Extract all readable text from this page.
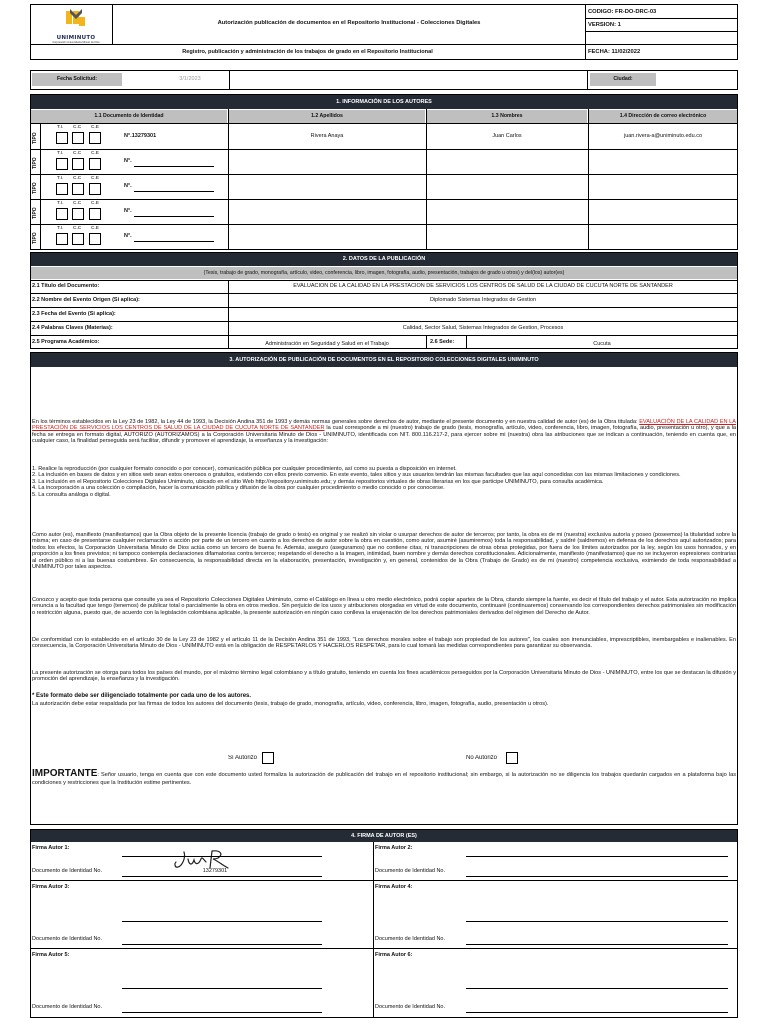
UNIMINUTO
Corporación Universitaria Minuto de Dios
Autorización publicación de documentos en el Repositorio Institucional - Colecciones Digitales
Registro, publicación y administración de los trabajos de grado en el Repositorio Institucional
CÓDIGO: FR-DO-DRC-03
VERSIÓN: 1
FECHA: 11/02/2022
Fecha Solicitud:	3/1/2023	Ciudad:
1. INFORMACIÓN DE LOS AUTORES
1.1 Documento de Identidad	1.2 Apellidos	1.3 Nombres	1.4 Dirección de correo electrónico
TIPO
T.I. C.C C.E
N°.13279301	Rivera Anaya	Juan Carlos	juan.rivera-a@uniminuto.edu.co
TIPO
T.I. C.C C.E
N°.
TIPO
T.I. C.C C.E
N°.
TIPO
T.I. C.C C.E
N°.
TIPO
T.I. C.C C.E
N°.
2. DATOS DE LA PUBLICACIÓN
(Tesis, trabajo de grado, monografía, artículo, video, conferencia, libro, imagen, fotografía, audio, presentación, trabajos de grado u otros) y del(los) autor(es)
2.1 Título del Documento:	EVALUACIÓN DE LA CALIDAD EN LA PRESTACIÓN DE SERVICIOS LOS CENTROS DE SALUD DE LA CIUDAD DE CUCUTA NORTE DE SANTANDER
2.2 Nombre del Evento Origen (Si aplica):	Diplomado Sistemas Integrados de Gestion
2.3 Fecha del Evento (Si aplica):
2.4 Palabras Claves (Materias):	Calidad, Sector Salud, Sistemas Integrados de Gestion, Procesos
2.5 Programa Académico:	Administración en Seguridad y Salud en el Trabajo	2.6 Sede:	Cucuta
3. AUTORIZACIÓN DE PUBLICACIÓN DE DOCUMENTOS EN EL REPOSITORIO COLECCIONES DIGITALES UNIMINUTO
En los términos establecidos en la Ley 23 de 1982, la Ley 44 de 1993, la Decisión Andina 351 de 1993 y demás normas generales sobre derechos de autor, mediante el presente documento y en nuestra calidad de autor (es) de la Obra titulada: EVALUACIÓN DE LA CALIDAD EN LA PRESTACIÓN DE SERVICIOS LOS CENTROS DE SALUD DE LA CIUDAD DE CUCUTA NORTE DE SANTANDER la cual corresponde a mi (nuestro) trabajo de grado (tesis, monografía, artículo, video, conferencia, libro, imagen, fotografía, audio, presentación u otro), y que a la fecha se entrega en formato digital, AUTORIZO (AUTORIZAMOS) a la Corporación Universitaria Minuto de Dios - UNIMINUTO, identificada con NIT. 800.116.217-2, para ejercer sobre mi (nuestra) obra las atribuciones que se indican a continuación, teniendo en cuenta que, en cualquier caso, la finalidad perseguida será facilitar, difundir y promover el aprendizaje, la enseñanza y la investigación:
1. Realice la reproducción (por cualquier formato conocido o por conocer), comunicación pública por cualquier procedimiento, así como su puesta a disposición en internet.
2. La inclusión en bases de datos y en sitios web sean estos onerosos o gratuitos, existiendo con ellos previo convenio. En este evento, tales sitios y sus usuarios tendrán las mismas facultades que las aquí concedidas con las mismas limitaciones y condiciones.
3. La inclusión en el Repositorio Colecciones Digitales Uniminuto, ubicado en el sitio Web http://repository.uniminuto.edu; y demás repositorios virtuales de obras literarias en los que participe UNIMINUTO, para consulta académica.
4. La incorporación a una colección o compilación, hacer la comunicación pública y difusión de la obra por cualquier procedimiento o medio conocido o por conocerse.
5. La consulta análoga o digital.
Como autor (es), manifiesto (manifestamos) que la Obra objeto de la presente licencia (trabajo de grado o tesis) es original y se realizó sin violar o usurpar derechos de autor de terceros; por tanto, la obra es de mi (nuestra) exclusiva autoría y poseo (poseemos) la titularidad sobre la misma; en caso de presentarse cualquier reclamación o acción por parte de un tercero en cuanto a los derechos de autor sobre la obra en cuestión, como autor, asumiré (asumiremos) toda la responsabilidad, y saldré (saldremos) en defensa de los derechos aquí autorizados; para todos los efectos, la Corporación Universitaria Minuto de Dios actúa como un tercero de buena fe. Además, aseguro (aseguramos) que no contiene citas, ni transcripciones de otras obras protegidas, por fuera de los límites autorizados por la ley, según los usos honrados, y en proporción a los fines previstos; ni tampoco contempla declaraciones difamatorias contra terceros; respetando el derecho a la imagen, intimidad, buen nombre y demás derechos constitucionales. Adicionalmente, manifiesto (manifestamos) que no se incluyeron expresiones contrarias al orden público ni a las buenas costumbres. En consecuencia, la responsabilidad directa en la elaboración, presentación, investigación y, en general, contenidos de la Obra (Trabajo de Grado) es de mi (nuestro) competencia exclusiva, eximiendo de toda responsabilidad a UNIMINUTO por tales aspectos.
Conozco y acepto que toda persona que consulte ya sea el Repositorio Colecciones Digitales Uniminuto, como el Catálogo en línea u otro medio electrónico, podrá copiar apartes de la Obra, citando siempre la fuente, es decir el título del trabajo y el autor. Esta autorización no implica renuncia a la facultad que tengo (tenemos) de publicar total o parcialmente la obra en otros medios. Sin perjuicio de los usos y atribuciones otorgadas en virtud de este documento, continuaré (continuaremos) conservando los correspondientes derechos patrimoniales sin modificación o restricción alguna, puesto que, de acuerdo con la legislación colombiana aplicable, la presente autorización en ningún caso conlleva la enajenación de los derechos patrimoniales derivados del régimen del Derecho de Autor.
De conformidad con lo establecido en el artículo 30 de la Ley 23 de 1982 y el artículo 11 de la Decisión Andina 351 de 1993, "Los derechos morales sobre el trabajo son propiedad de los autores", los cuales son irrenunciables, imprescriptibles, inembargables e inalienables. En consecuencia, la Corporación Universitaria Minuto de Dios - UNIMINUTO está en la obligación de RESPETARLOS Y HACERLOS RESPETAR, para lo cual tomará las medidas correspondientes para garantizar su observancia.
La presente autorización se otorga para todos los países del mundo, por el máximo término legal colombiano y a título gratuito, teniendo en cuenta los fines académicos perseguidos por la Corporación Universitaria Minuto de Dios - UNIMINUTO, entre los que se destacan la difusión y promoción del aprendizaje, la enseñanza y la investigación.
* Este formato debe ser diligenciado totalmente por cada uno de los autores.
La autorización debe estar respaldada por las firmas de todos los autores del documento (tesis, trabajo de grado, monografía, artículo, video, conferencia, libro, imagen, fotografía, audio, presentación u otros).
Sí Autorizo	No Autorizo
IMPORTANTE: Señor usuario, tenga en cuenta que con este documento usted formaliza la autorización de publicación del trabajo en el repositorio institucional; sin embargo, si la autorización no se diligencia los trabajos quedarán cargados en a plataforma bajo las condiciones y restricciones que la Institución estime pertinentes.
4. FIRMA DE AUTOR (ES)
Firma Autor 1:
Documento de Identidad No.	13279301
Firma Autor 2:
Documento de Identidad No.
Firma Autor 3:
Documento de Identidad No.
Firma Autor 4:
Documento de Identidad No.
Firma Autor 5:
Documento de Identidad No.
Firma Autor 6:
Documento de Identidad No.
